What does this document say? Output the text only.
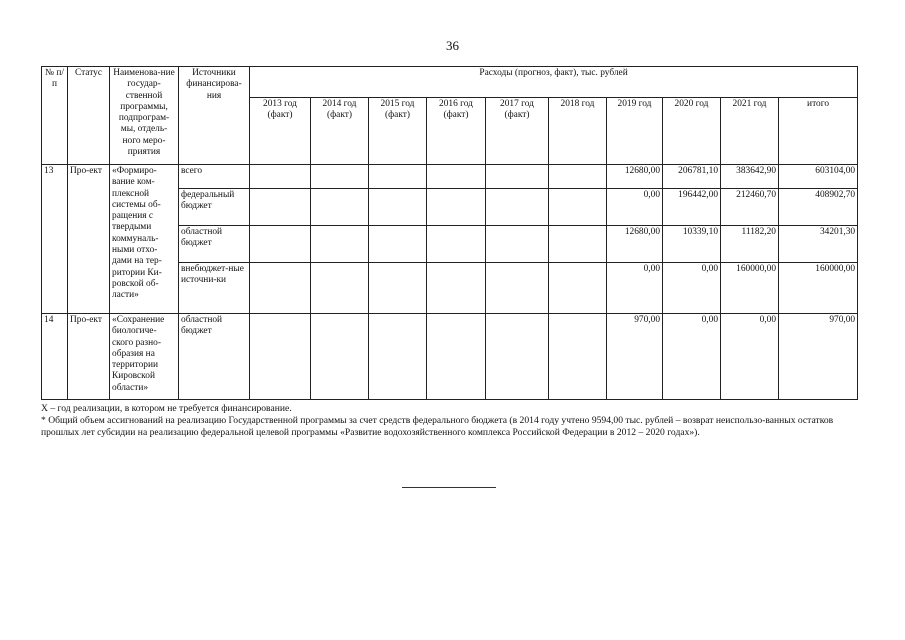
36
№ п/п	Статус	Наименова-ние государ-ственной программы, подпрограм-мы, отдель-ного меро-приятия	Источники финансирова-ния	Расходы (прогноз, факт), тыс. рублей									
				2013 год (факт)	2014 год (факт)	2015 год (факт)	2016 год (факт)	2017 год (факт)	2018 год	2019 год	2020 год	2021 год	итого
13	Про-ект	«Формиро-вание ком-плексной системы об-ращения с твердыми коммуналь-ными отхо-дами на тер-ритории Ки-ровской об-ласти»	всего							12680,00	206781,10	383642,90	603104,00
			федеральный бюджет							0,00	196442,00	212460,70	408902,70
			областной бюджет							12680,00	10339,10	11182,20	34201,30
			внебюджет-ные источни-ки							0,00	0,00	160000,00	160000,00
14	Про-ект	«Сохранение биологиче-ского разно-образия на территории Кировской области»	областной бюджет							970,00	0,00	0,00	970,00
X – год реализации, в котором не требуется финансирование.
* Общий объем ассигнований на реализацию Государственной программы за счет средств федерального бюджета (в 2014 году учтено 9594,00 тыс. рублей – возврат неиспользо-ванных остатков прошлых лет субсидии на реализацию федеральной целевой программы «Развитие водохозяйственного комплекса Российской Федерации в 2012 – 2020 годах»).
